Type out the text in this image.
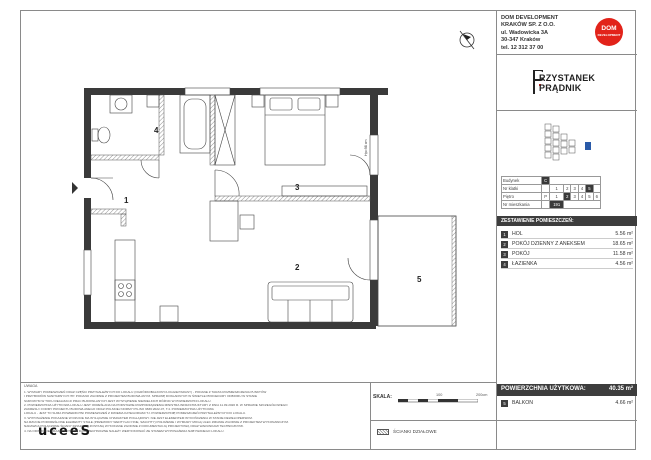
1
2
3
4
5
Hp=98 cm
DOM DEVELOPMENT
KRAKÓW SP. Z O.O.
ul. Wadowicka 3A
30-347 Kraków
tel. 12 312 37 00
DOM
DEVELOPMENT
RZYSTANEK
PRĄDNIK
Budynek	C						
Nr klatki		1	2	3	4	5	
Piętro	P	1	2	3	4	5	6
Nr mieszkania		191					
ZESTAWIENIE POMIESZCZEŃ:
1	HOL	5.56 m²
2	POKÓJ DZIENNY Z ANEKSEM	18.65 m²
3	POKÓJ	11.58 m²
4	ŁAZIENKA	4.56 m²
POWIERZCHNIA UŻYTKOWA:	40.35 m²
5	BALKON	4.66 m²
uceeS
UWAGA
1. WYMIARY POMIESZCZEŃ ORAZ CZĘŚCI PRZYNALEŻNYCH DO LOKALU (OGRÓDKI/BALKONY/LOGGIE/TARASY) - PODANE Z TARAS ROZMIESZCZENIA PUNKTÓW
I PRZYBORÓW SANITARNYCH ITP. PODANO ZGODNIE Z PROJEKTEM BUDOWLANYM. SPRAWĘ DOKŁADNYCH W ŚWIETLE PROCEDURY ODBIORU W STANIE
SUROWYM W TOKU REALIZACJI PRAC BUDOWLANYCH JEST WYSTĄPIENIE NIEWIELKICH RÓŻNIC W POWIERZCHNI LOKALU.
2. POWIERZCHNIA UŻYTKOWA LOKALU JEST OKREŚLANA NA PODSTAWIE ROZPORZĄDZENIA MINISTRA INFRASTRUKTURY Z DNIA 11.09.2020 R. W SPRAWIE SZCZEGÓŁOWEGO
ZAKRESU I FORMY PROJEKTU BUDOWLANEGO ORAZ POLSKIEJ NORMY PN-ISO 9836:2022-07, T.4. POWIERZCHNIA UŻYTKOWA
LOKALU - JEST TO SUMA POWIERZCHNI POMIESZCZEŃ Z DWIEMA KATEGORIAMI TJ. POWIERZCHNIĘ POMIESZCZEŃ PRZYNALEŻNYCH DO LOKALU.
3. WYPOSAŻENIE POKAZANE W RZUCIE MA WYŁĄCZNIE CHARAKTER POGLĄDOWY. NIE JEST ELEMENTEM WYKOŃCZENIA W STANIE DEWELOPERSKIM.
NA RZUCIE PODKREŚLONE ELEMENTY STAŁE (PRZEWODY WENTYLACYJNE, SZACHTY) POŁOŻENIE I WYMIARY MOGĄ ULEC ZMIANIE ZGODNIE Z PROJEKTEM WYKONAWCZYM.
NADAWCA POŁĄCZONE ŚCIANY DZIAŁOWE ZOSTANĄ WYKONANE ZGODNIE Z DOKUMENTACJĄ PROJEKTOWĄ ORAZ WARUNKAMI TECHNICZNYMI.
4. NA ODWROCIE ORAZ WSZYSTKIE DANE TECHNICZNE NALEŻY WERYFIKOWAĆ ZE STANEM WYPOSAŻENIA NABYWANEGO LOKALU.
SKALA:	100	200cm
ŚCIANKI DZIAŁOWE
